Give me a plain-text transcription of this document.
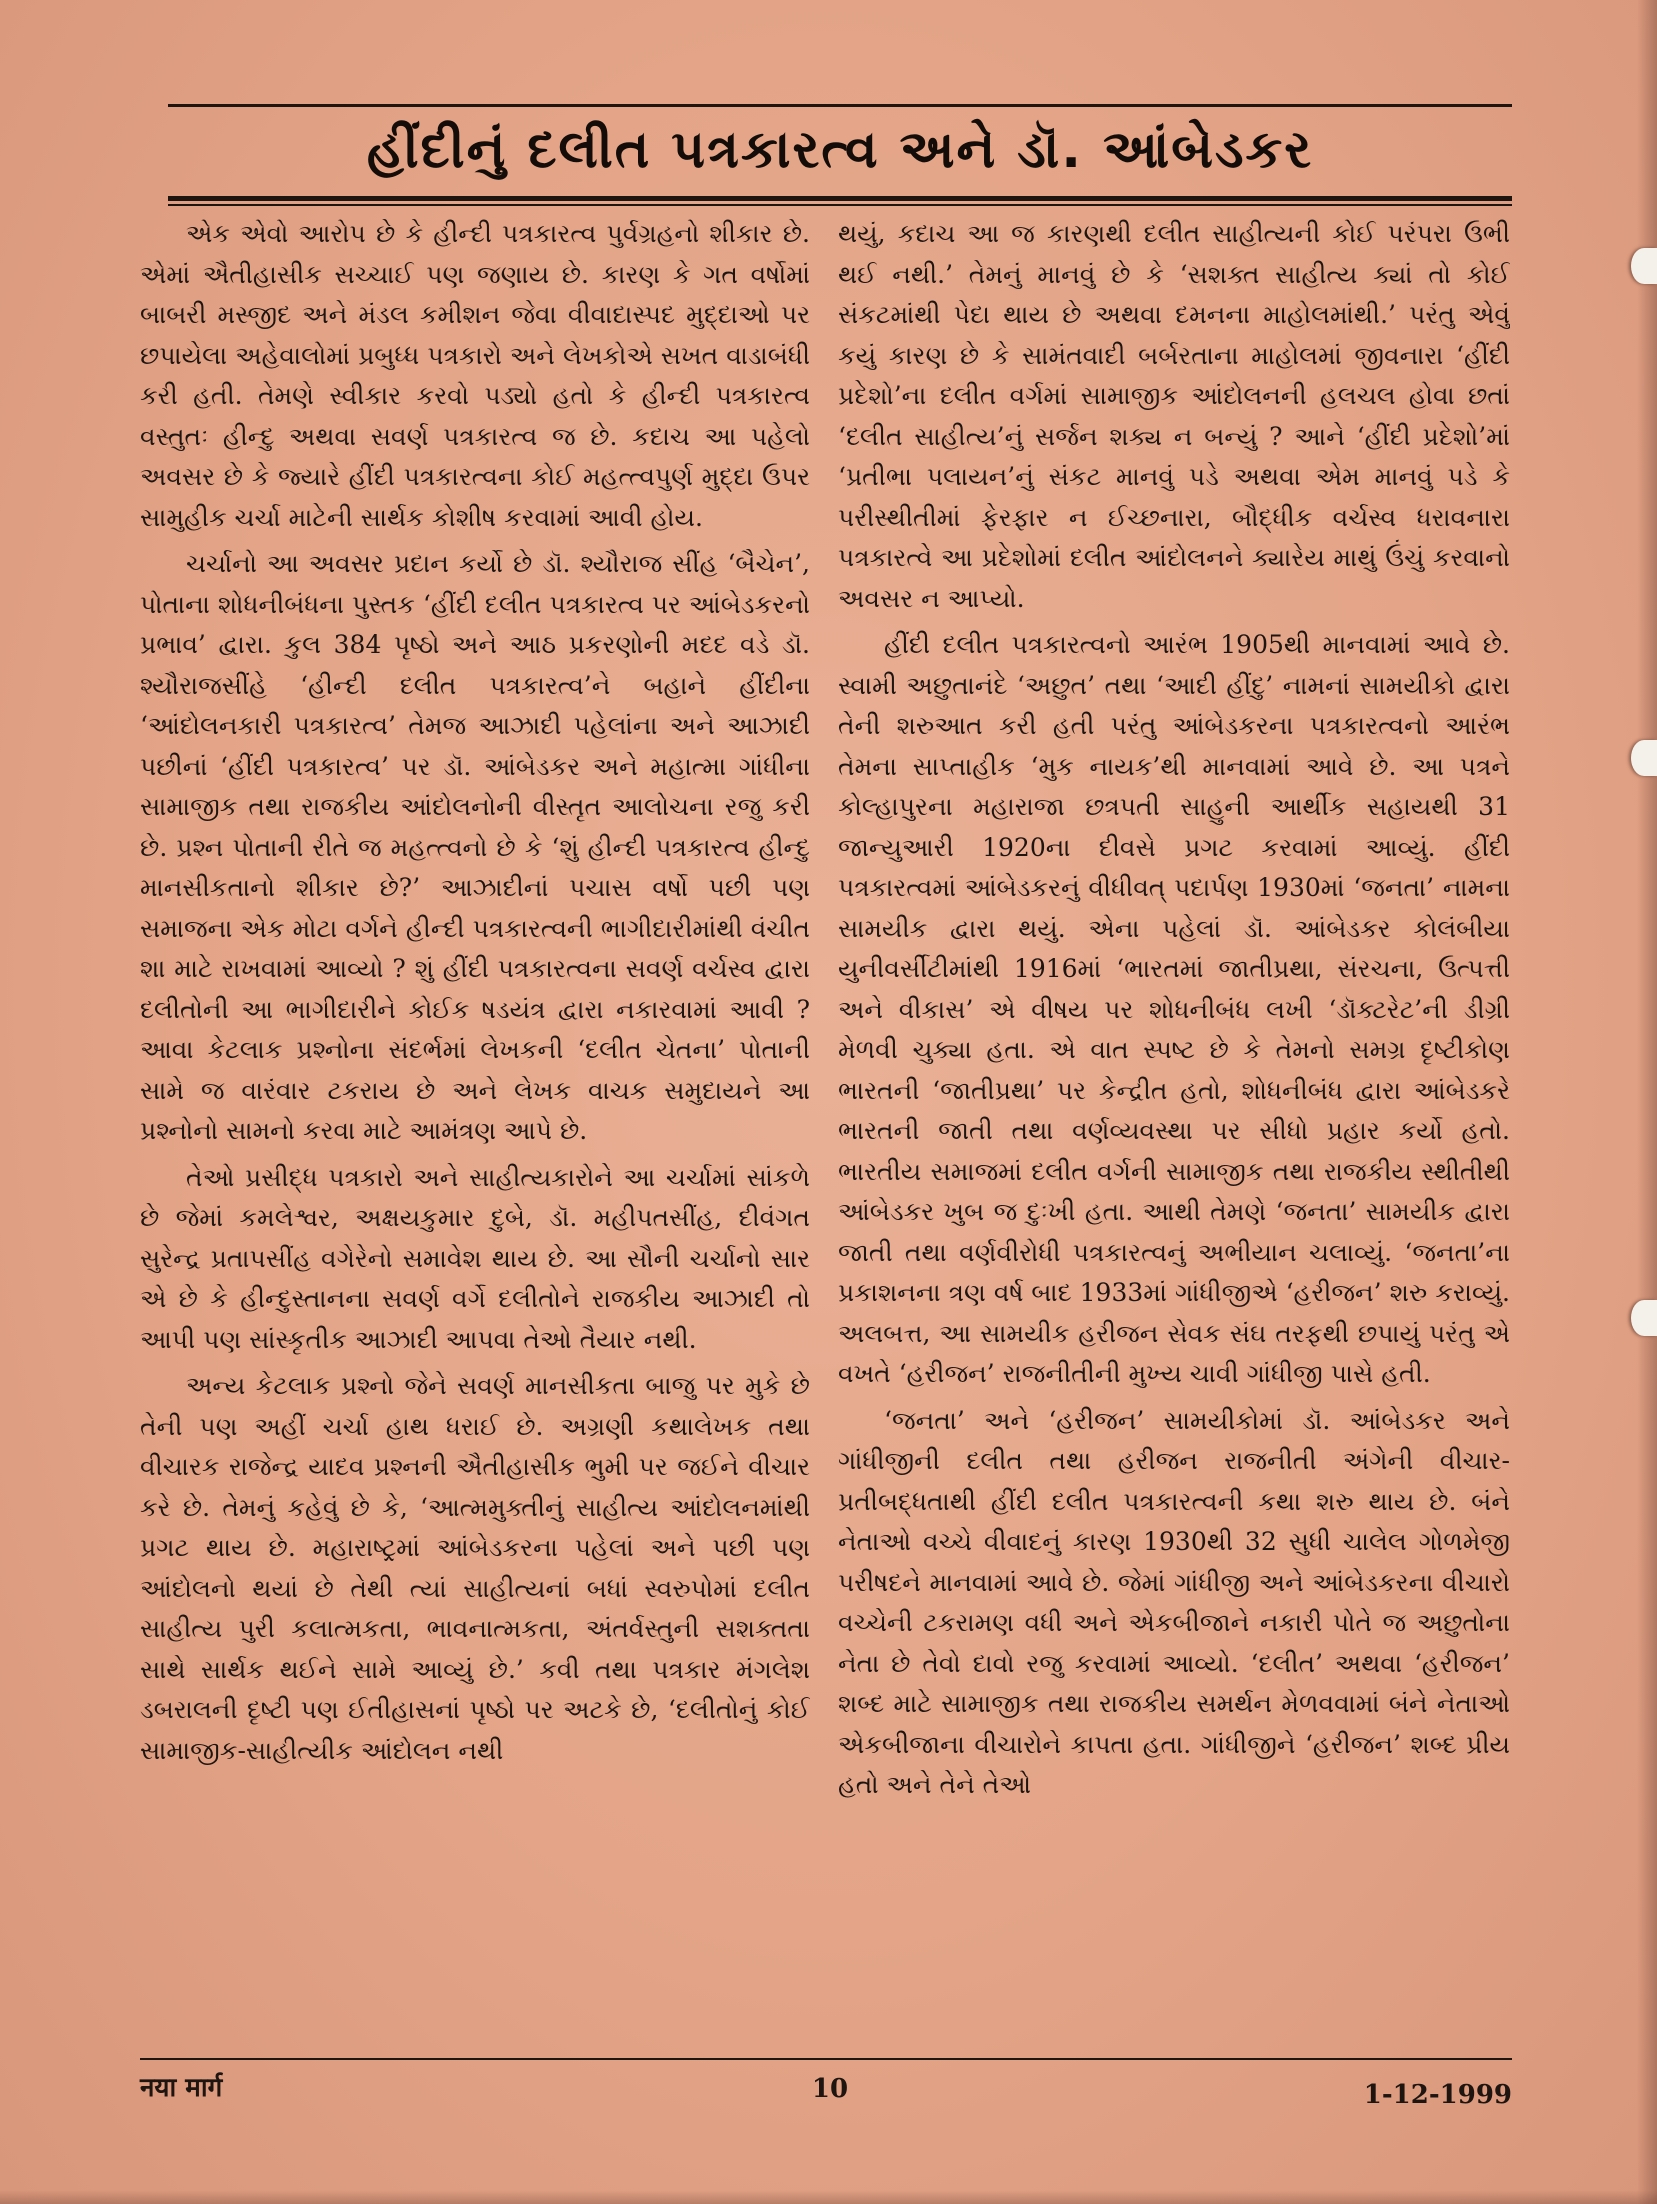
હીંદીનું દલીત પત્રકારત્વ અને ડૉ. આંબેડકર

એક એવો આરોપ છે કે હીન્દી પત્રકારત્વ પુર્વગ્રહનો શીકાર છે. એમાં ઐતીહાસીક સચ્ચાઈ પણ જણાય છે. કારણ કે ગત વર્ષોમાં બાબરી મસ્જીદ અને મંડલ કમીશન જેવા વીવાદાસ્પદ મુદ્દાઓ પર છપાયેલા અહેવાલોમાં પ્રબુધ્ધ પત્રકારો અને લેખકોએ સખત વાડાબંધી કરી હતી. તેમણે સ્વીકાર કરવો પડ્યો હતો કે હીન્દી પત્રકારત્વ વસ્તુતઃ હીન્દુ અથવા સવર્ણ પત્રકારત્વ જ છે. કદાચ આ પહેલો અવસર છે કે જ્યારે હીંદી પત્રકારત્વના કોઈ મહત્ત્વપુર્ણ મુદ્દા ઉપર સામુહીક ચર્ચા માટેની સાર્થક કોશીષ કરવામાં આવી હોય.

ચર્ચાનો આ અવસર પ્રદાન કર્યો છે ડૉ. શ્યૌરાજ સીંહ ‘બૈચેન’, પોતાના શોધનીબંધના પુસ્તક ‘હીંદી દલીત પત્રકારત્વ પર આંબેડકરનો પ્રભાવ’ દ્વારા. કુલ 384 પૃષ્ઠો અને આઠ પ્રકરણોની મદદ વડે ડૉ. શ્યૌરાજસીંહે ‘હીન્દી દલીત પત્રકારત્વ’ને બહાને હીંદીના ‘આંદોલનકારી પત્રકારત્વ’ તેમજ આઝાદી પહેલાંના અને આઝાદી પછીનાં ‘હીંદી પત્રકારત્વ’ પર ડૉ. આંબેડકર અને મહાત્મા ગાંધીના સામાજીક તથા રાજકીય આંદોલનોની વીસ્તૃત આલોચના રજુ કરી છે. પ્રશ્ન પોતાની રીતે જ મહત્ત્વનો છે કે ‘શું હીન્દી પત્રકારત્વ હીન્દુ માનસીકતાનો શીકાર છે?’ આઝાદીનાં પચાસ વર્ષો પછી પણ સમાજના એક મોટા વર્ગને હીન્દી પત્રકારત્વની ભાગીદારીમાંથી વંચીત શા માટે રાખવામાં આવ્યો ? શું હીંદી પત્રકારત્વના સવર્ણ વર્ચસ્વ દ્વારા દલીતોની આ ભાગીદારીને કોઈક ષડયંત્ર દ્વારા નકારવામાં આવી ? આવા કેટલાક પ્રશ્નોના સંદર્ભમાં લેખકની ‘દલીત ચેતના’ પોતાની સામે જ વારંવાર ટકરાય છે અને લેખક વાચક સમુદાયને આ પ્રશ્નોનો સામનો કરવા માટે આમંત્રણ આપે છે.

તેઓ પ્રસીદ્ધ પત્રકારો અને સાહીત્યકારોને આ ચર્ચામાં સાંકળે છે જેમાં કમલેશ્વર, અક્ષયકુમાર દુબે, ડૉ. મહીપતસીંહ, દીવંગત સુરેન્દ્ર પ્રતાપસીંહ વગેરેનો સમાવેશ થાય છે. આ સૌની ચર્ચાનો સાર એ છે કે હીન્દુસ્તાનના સવર્ણ વર્ગે દલીતોને રાજકીય આઝાદી તો આપી પણ સાંસ્કૃતીક આઝાદી આપવા તેઓ તૈયાર નથી.

અન્ય કેટલાક પ્રશ્નો જેને સવર્ણ માનસીકતા બાજુ પર મુકે છે તેની પણ અહીં ચર્ચા હાથ ધરાઈ છે. અગ્રણી કથાલેખક તથા વીચારક રાજેન્દ્ર યાદવ પ્રશ્નની ઐતીહાસીક ભુમી પર જઈને વીચાર કરે છે. તેમનું કહેવું છે કે, ‘આત્મમુક્તીનું સાહીત્ય આંદોલનમાંથી પ્રગટ થાય છે. મહારાષ્ટ્રમાં આંબેડકરના પહેલાં અને પછી પણ આંદોલનો થયાં છે તેથી ત્યાં સાહીત્યનાં બધાં સ્વરુપોમાં દલીત સાહીત્ય પુરી કલાત્મકતા, ભાવનાત્મકતા, અંતર્વસ્તુની સશક્તતા સાથે સાર્થક થઈને સામે આવ્યું છે.’ કવી તથા પત્રકાર મંગલેશ ડબરાલની દૃષ્ટી પણ ઈતીહાસનાં પૃષ્ઠો પર અટકે છે, ‘દલીતોનું કોઈ સામાજીક-સાહીત્યીક આંદોલન નથી

થયું, કદાચ આ જ કારણથી દલીત સાહીત્યની કોઈ પરંપરા ઉભી થઈ નથી.’ તેમનું માનવું છે કે ‘સશક્ત સાહીત્ય ક્યાં તો કોઈ સંકટમાંથી પેદા થાય છે અથવા દમનના માહોલમાંથી.’ પરંતુ એવું કયું કારણ છે કે સામંતવાદી બર્બરતાના માહોલમાં જીવનારા ‘હીંદી પ્રદેશો’ના દલીત વર્ગમાં સામાજીક આંદોલનની હલચલ હોવા છતાં ‘દલીત સાહીત્ય’નું સર્જન શક્ય ન બન્યું ? આને ‘હીંદી પ્રદેશો’માં ‘પ્રતીભા પલાયન’નું સંકટ માનવું પડે અથવા એમ માનવું પડે કે પરીસ્થીતીમાં ફેરફાર ન ઈચ્છનારા, બૌદ્ધીક વર્ચસ્વ ધરાવનારા પત્રકારત્વે આ પ્રદેશોમાં દલીત આંદોલનને ક્યારેય માથું ઉંચું કરવાનો અવસર ન આપ્યો.

હીંદી દલીત પત્રકારત્વનો આરંભ 1905થી માનવામાં આવે છે. સ્વામી અછુતાનંદે ‘અછુત’ તથા ‘આદી હીંદુ’ નામનાં સામયીકો દ્વારા તેની શરુઆત કરી હતી પરંતુ આંબેડકરના પત્રકારત્વનો આરંભ તેમના સાપ્તાહીક ‘મુક નાયક’થી માનવામાં આવે છે. આ પત્રને કોલ્હાપુરના મહારાજા છત્રપતી સાહુની આર્થીક સહાયથી 31 જાન્યુઆરી 1920ના દીવસે પ્રગટ કરવામાં આવ્યું. હીંદી પત્રકારત્વમાં આંબેડકરનું વીધીવત્ પદાર્પણ 1930માં ‘જનતા’ નામના સામયીક દ્વારા થયું. એના પહેલાં ડૉ. આંબેડકર કોલંબીયા યુનીવર્સીટીમાંથી 1916માં ‘ભારતમાં જાતીપ્રથા, સંરચના, ઉત્પત્તી અને વીકાસ’ એ વીષય પર શોધનીબંધ લખી ‘ડૉક્ટરેટ’ની ડીગ્રી મેળવી ચુક્યા હતા. એ વાત સ્પષ્ટ છે કે તેમનો સમગ્ર દૃષ્ટીકોણ ભારતની ‘જાતીપ્રથા’ પર કેન્દ્રીત હતો, શોધનીબંધ દ્વારા આંબેડકરે ભારતની જાતી તથા વર્ણવ્યવસ્થા પર સીધો પ્રહાર કર્યો હતો. ભારતીય સમાજમાં દલીત વર્ગની સામાજીક તથા રાજકીય સ્થીતીથી આંબેડકર ખુબ જ દુઃખી હતા. આથી તેમણે ‘જનતા’ સામયીક દ્વારા જાતી તથા વર્ણવીરોધી પત્રકારત્વનું અભીયાન ચલાવ્યું. ‘જનતા’ના પ્રકાશનના ત્રણ વર્ષ બાદ 1933માં ગાંધીજીએ ‘હરીજન’ શરુ કરાવ્યું. અલબત્ત, આ સામયીક હરીજન સેવક સંઘ તરફથી છપાયું પરંતુ એ વખતે ‘હરીજન’ રાજનીતીની મુખ્ય ચાવી ગાંધીજી પાસે હતી.

‘જનતા’ અને ‘હરીજન’ સામયીકોમાં ડૉ. આંબેડકર અને ગાંધીજીની દલીત તથા હરીજન રાજનીતી અંગેની વીચાર-પ્રતીબદ્ધતાથી હીંદી દલીત પત્રકારત્વની કથા શરુ થાય છે. બંને નેતાઓ વચ્ચે વીવાદનું કારણ 1930થી 32 સુધી ચાલેલ ગોળમેજી પરીષદને માનવામાં આવે છે. જેમાં ગાંધીજી અને આંબેડકરના વીચારો વચ્ચેની ટકરામણ વધી અને એકબીજાને નકારી પોતે જ અછુતોના નેતા છે તેવો દાવો રજુ કરવામાં આવ્યો. ‘દલીત’ અથવા ‘હરીજન’ શબ્દ માટે સામાજીક તથા રાજકીય સમર્થન મેળવવામાં બંને નેતાઓ એકબીજાના વીચારોને કાપતા હતા. ગાંધીજીને ‘હરીજન’ શબ્દ પ્રીય હતો અને તેને તેઓ

नया मार्ग	10	1-12-1999
